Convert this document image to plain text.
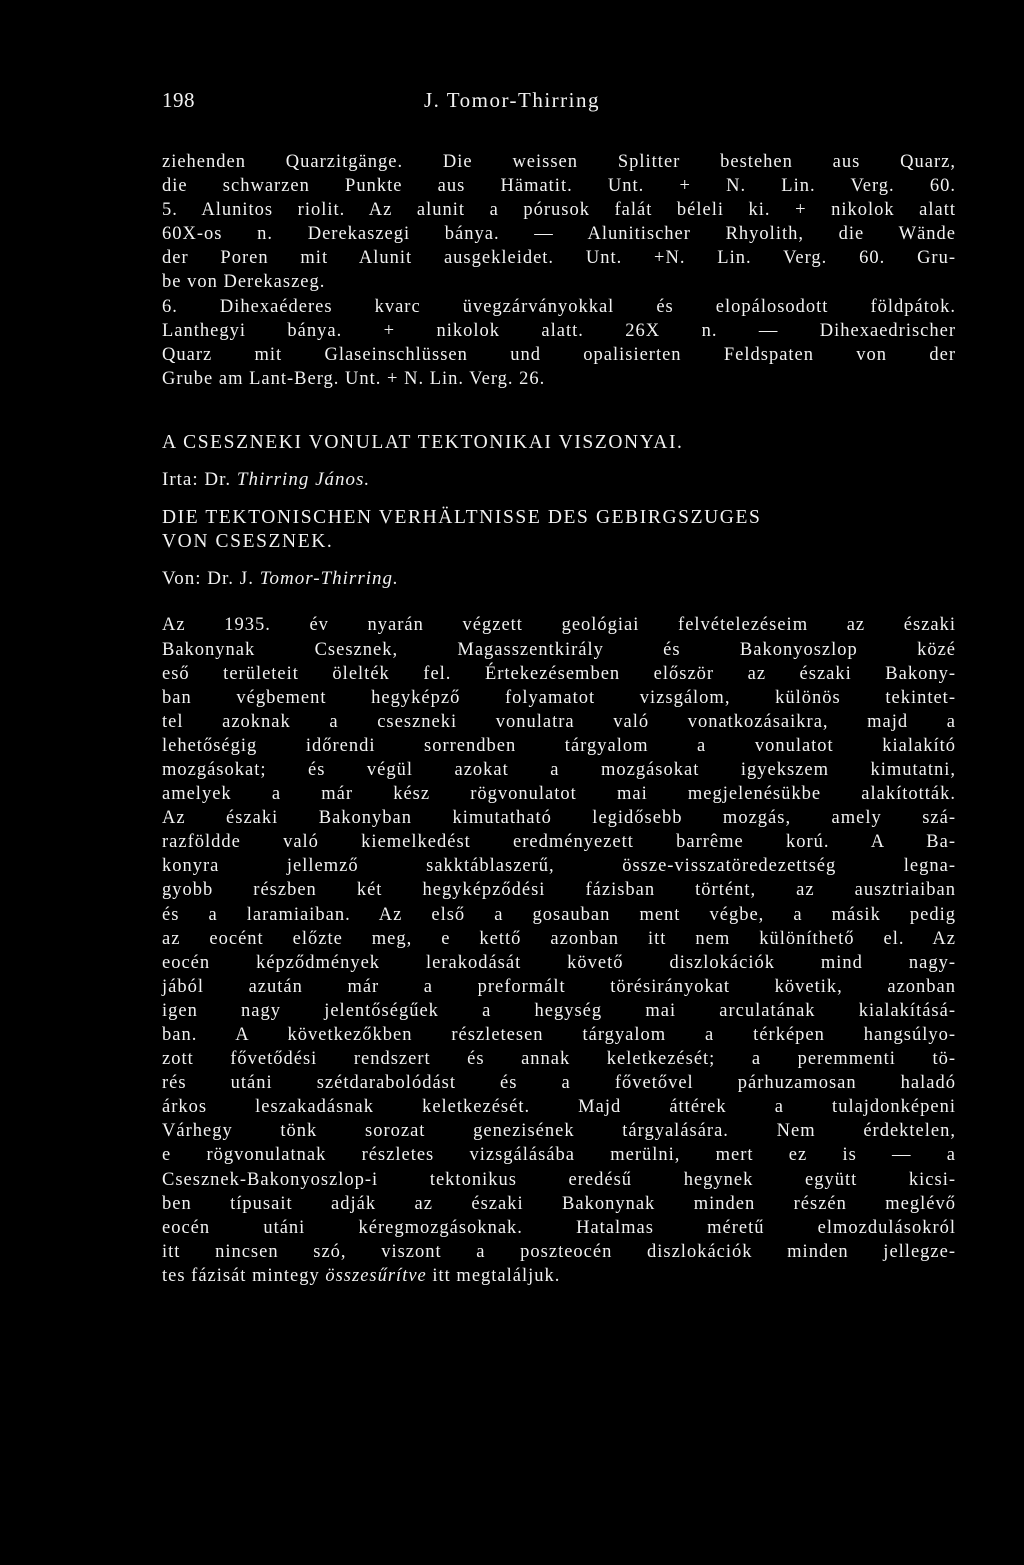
198	J. Tomor-Thirring

ziehenden Quarzitgänge. Die weissen Splitter bestehen aus Quarz,

die schwarzen Punkte aus Hämatit. Unt. + N. Lin. Verg. 60.

5. Alunitos riolit. Az alunit a pórusok falát béleli ki. + nikolok alatt

60X-os n. Derekaszegi bánya. — Alunitischer Rhyolith, die Wände

der Poren mit Alunit ausgekleidet. Unt. +N. Lin. Verg. 60. Gru-

be von Derekaszeg.

6. Dihexaéderes kvarc üvegzárványokkal és elopálosodott földpátok.

Lanthegyi bánya. + nikolok alatt. 26X n. — Dihexaedrischer

Quarz mit Glaseinschlüssen und opalisierten Feldspaten von der

Grube am Lant-Berg. Unt. + N. Lin. Verg. 26.

A CSESZNEKI VONULAT TEKTONIKAI VISZONYAI.

Irta: Dr. Thirring János.

DIE TEKTONISCHEN VERHÄLTNISSE DES GEBIRGSZUGES

VON CSESZNEK.

Von: Dr. J. Tomor-Thirring.

Az 1935. év nyarán végzett geológiai felvételezéseim az északi

Bakonynak Csesznek, Magasszentkirály és Bakonyoszlop közé

eső területeit ölelték fel. Értekezésemben először az északi Bakony-

ban végbement hegyképző folyamatot vizsgálom, különös tekintet-

tel azoknak a cseszneki vonulatra való vonatkozásaikra, majd a

lehetőségig időrendi sorrendben tárgyalom a vonulatot kialakító

mozgásokat; és végül azokat a mozgásokat igyekszem kimutatni,

amelyek a már kész rögvonulatot mai megjelenésükbe alakították.

Az északi Bakonyban kimutatható legidősebb mozgás, amely szá-

razföldde való kiemelkedést eredményezett barrême korú. A Ba-

konyra jellemző sakktáblaszerű, össze-visszatöredezettség legna-

gyobb részben két hegyképződési fázisban történt, az ausztriaiban

és a laramiaiban. Az első a gosauban ment végbe, a másik pedig

az eocént előzte meg, e kettő azonban itt nem különíthető el. Az

eocén képződmények lerakodását követő diszlokációk mind nagy-

jából azután már a preformált törésirányokat követik, azonban

igen nagy jelentőségűek a hegység mai arculatának kialakításá-

ban. A következőkben részletesen tárgyalom a térképen hangsúlyo-

zott fővetődési rendszert és annak keletkezését; a peremmenti tö-

rés utáni szétdarabolódást és a fővetővel párhuzamosan haladó

árkos leszakadásnak keletkezését. Majd áttérek a tulajdonképeni

Várhegy tönk sorozat genezisének tárgyalására. Nem érdektelen,

e rögvonulatnak részletes vizsgálásába merülni, mert ez is — a

Csesznek-Bakonyoszlop-i tektonikus eredésű hegynek együtt kicsi-

ben típusait adják az északi Bakonynak minden részén meglévő

eocén utáni kéregmozgásoknak. Hatalmas méretű elmozdulásokról

itt nincsen szó, viszont a poszteocén diszlokációk minden jellegze-

tes fázisát mintegy összesűrítve itt megtaláljuk.
